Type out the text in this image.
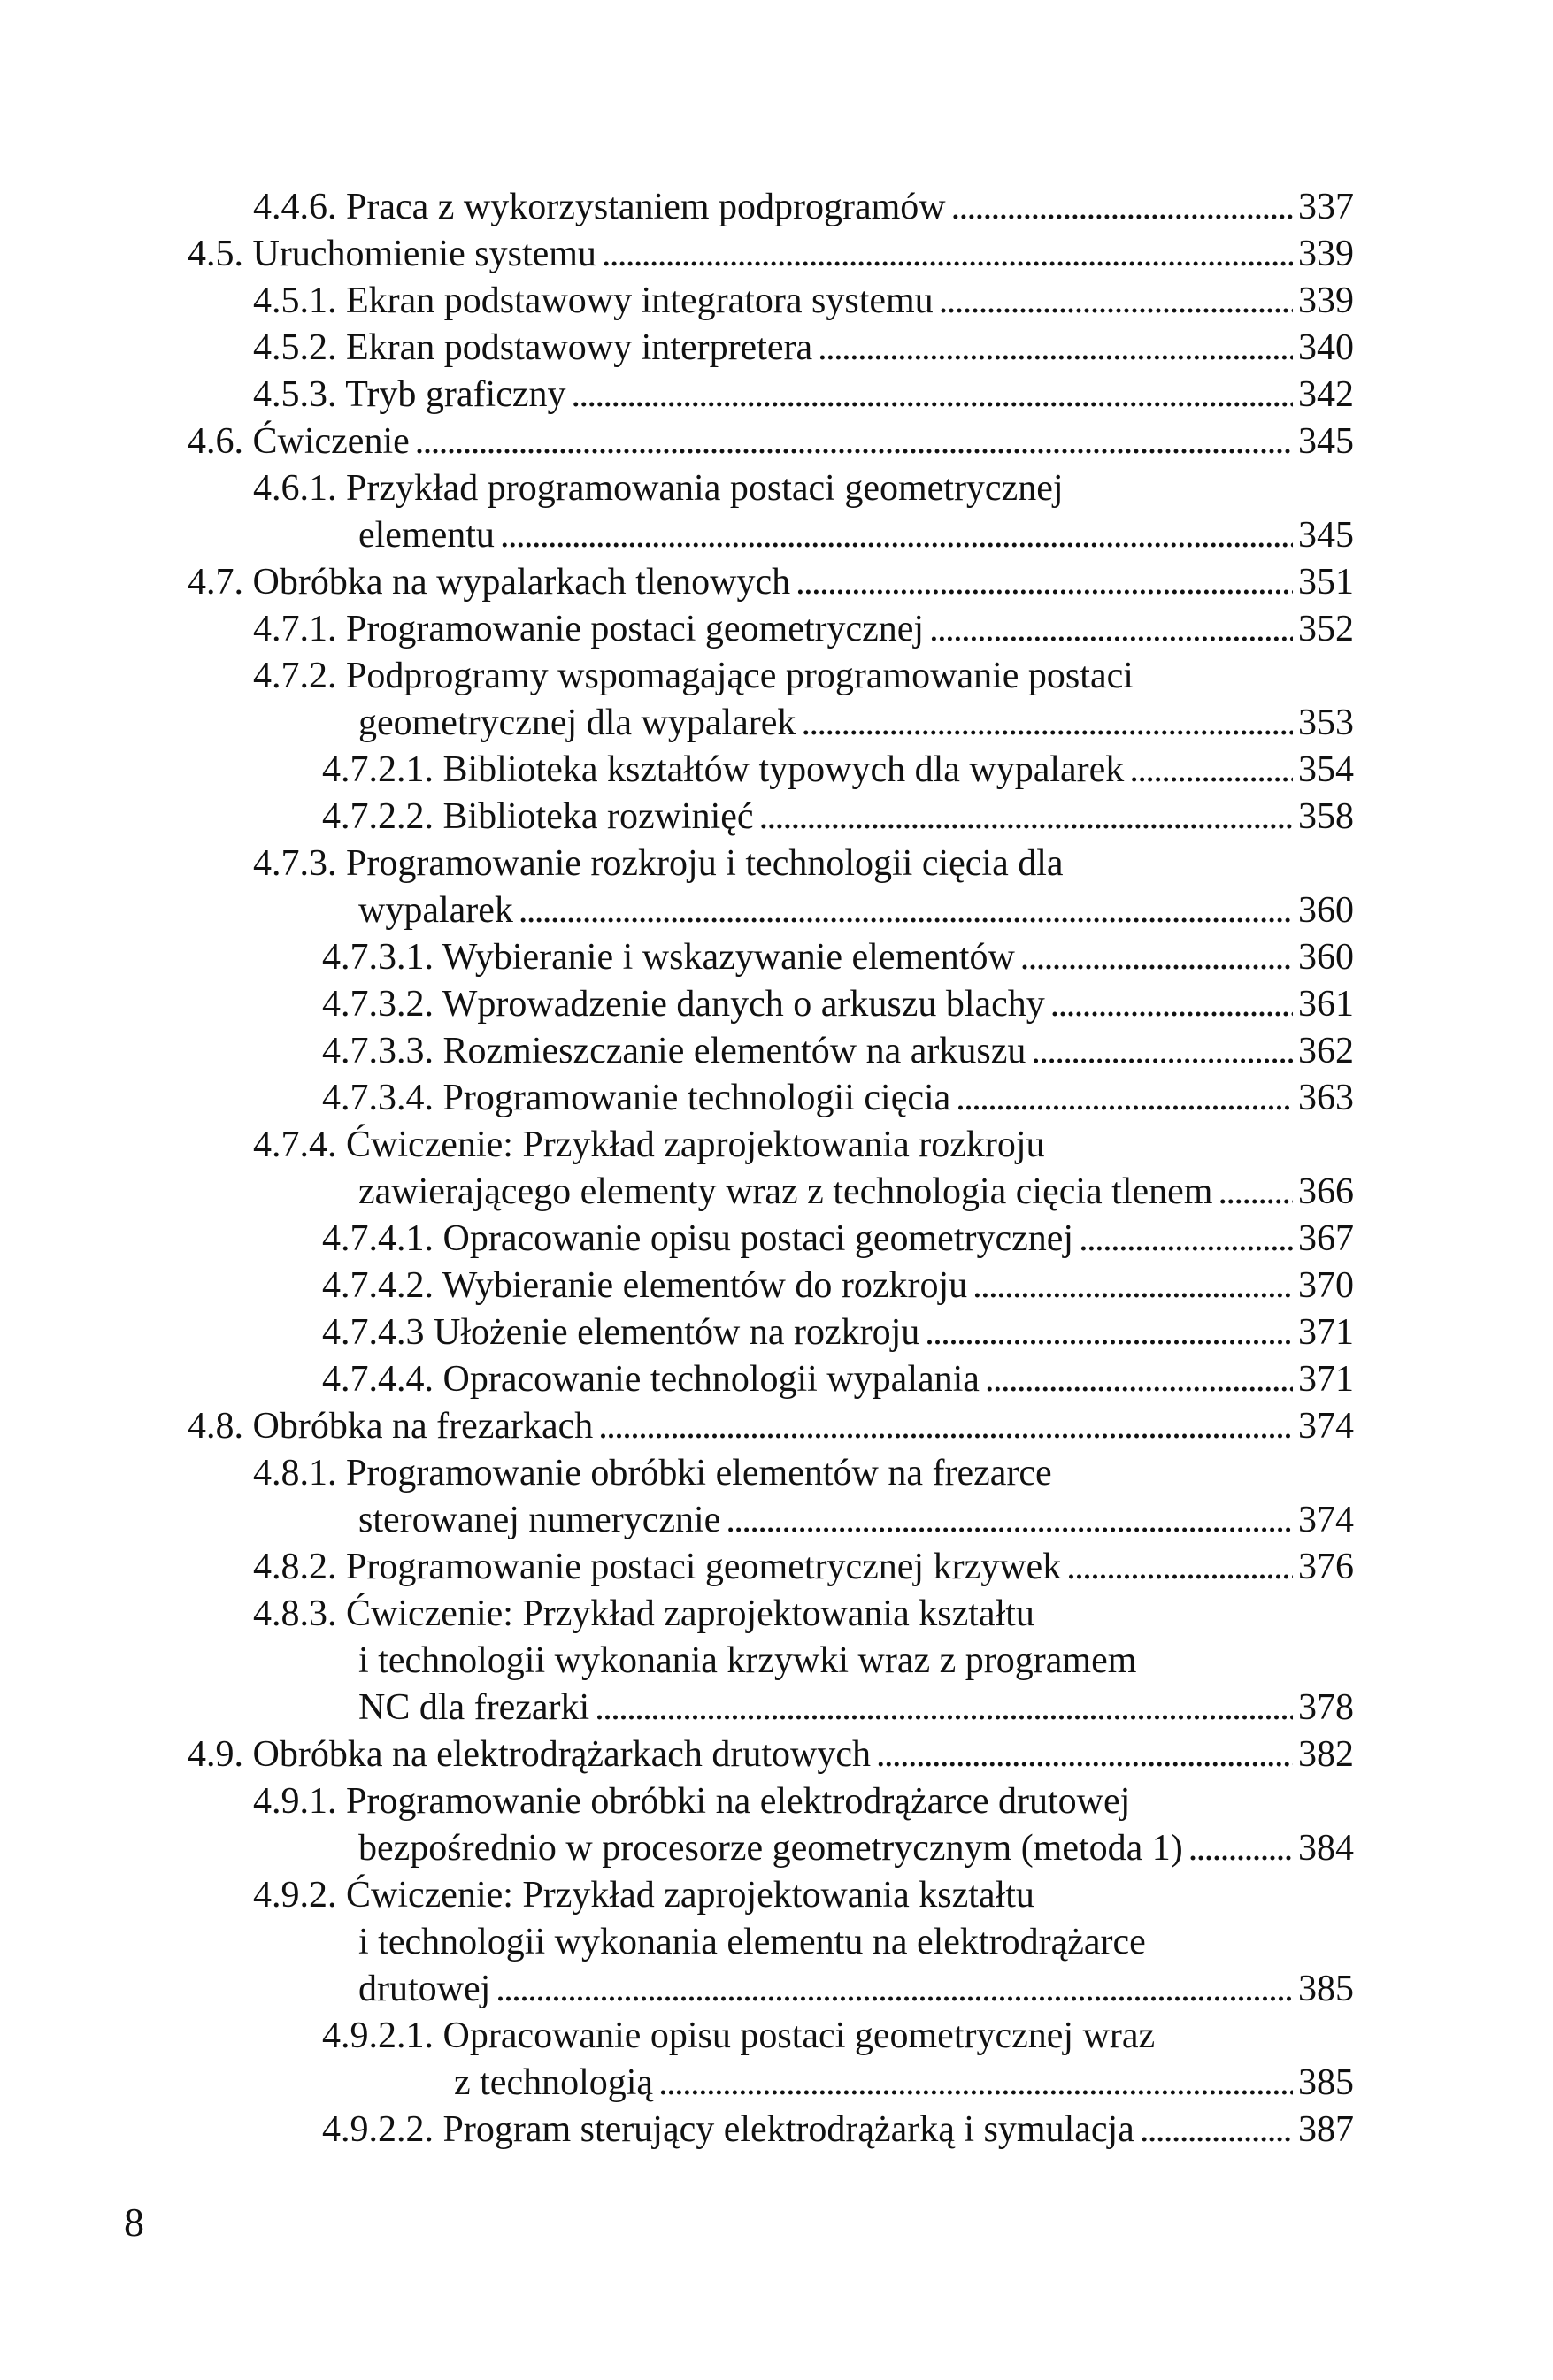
4.4.6. Praca z wykorzystaniem podprogramów . . .	337
4.5. Uruchomienie systemu . . .	339
4.5.1. Ekran podstawowy integratora systemu . . .	339
4.5.2. Ekran podstawowy interpretera . . .	340
4.5.3. Tryb graficzny . . .	342
4.6. Ćwiczenie . . .	345
4.6.1. Przykład programowania postaci geometrycznej
elementu . . .	345
4.7. Obróbka na wypalarkach tlenowych . . .	351
4.7.1. Programowanie postaci geometrycznej . . .	352
4.7.2. Podprogramy wspomagające programowanie postaci
geometrycznej dla wypalarek . . .	353
4.7.2.1. Biblioteka kształtów typowych dla wypalarek . . .	354
4.7.2.2. Biblioteka rozwinięć . . .	358
4.7.3. Programowanie rozkroju i technologii cięcia dla
wypalarek . . .	360
4.7.3.1. Wybieranie i wskazywanie elementów . . .	360
4.7.3.2. Wprowadzenie danych o arkuszu blachy . . .	361
4.7.3.3. Rozmieszczanie elementów na arkuszu . . .	362
4.7.3.4. Programowanie technologii cięcia . . .	363
4.7.4. Ćwiczenie: Przykład zaprojektowania rozkroju
zawierającego elementy wraz z technologia cięcia tlenem . . . 366
4.7.4.1. Opracowanie opisu postaci geometrycznej . . .	367
4.7.4.2. Wybieranie elementów do rozkroju . . .	370
4.7.4.3 Ułożenie elementów na rozkroju . . .	371
4.7.4.4. Opracowanie technologii wypalania . . .	371
4.8. Obróbka na frezarkach . . .	374
4.8.1. Programowanie obróbki elementów na frezarce
sterowanej numerycznie . . .	374
4.8.2. Programowanie postaci geometrycznej krzywek . . .	376
4.8.3. Ćwiczenie: Przykład zaprojektowania kształtu
i technologii wykonania krzywki wraz z programem
NC dla frezarki . . .	378
4.9. Obróbka na elektrodrążarkach drutowych . . .	382
4.9.1. Programowanie obróbki na elektrodrążarce drutowej
bezpośrednio w procesorze geometrycznym (metoda 1) . . .	384
4.9.2. Ćwiczenie: Przykład zaprojektowania kształtu
i technologii wykonania elementu na elektrodrążarce
drutowej . . .	385
4.9.2.1. Opracowanie opisu postaci geometrycznej wraz
z technologią . . .	385
4.9.2.2. Program sterujący elektrodrążarką i symulacja . . .	387
8
